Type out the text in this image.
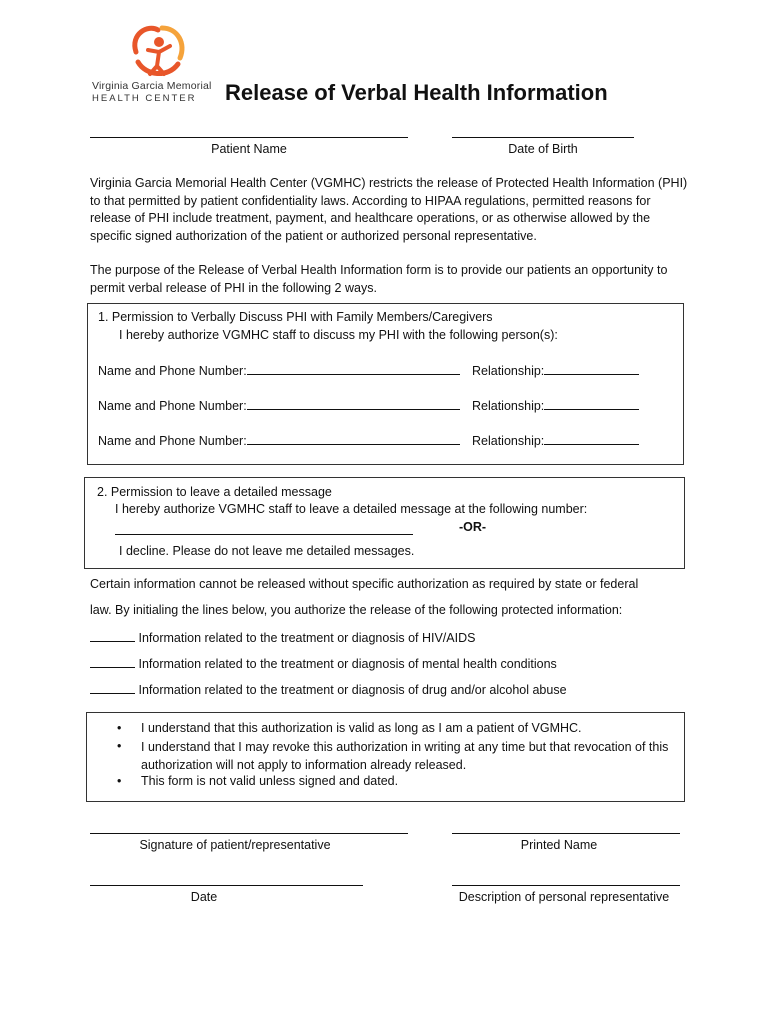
Virginia Garcia Memorial
HEALTH CENTER Release of Verbal Health Information
Patient Name	Date of Birth
Virginia Garcia Memorial Health Center (VGMHC) restricts the release of Protected Health Information (PHI) to that permitted by patient confidentiality laws. According to HIPAA regulations, permitted reasons for release of PHI include treatment, payment, and healthcare operations, or as otherwise allowed by the specific signed authorization of the patient or authorized personal representative.
The purpose of the Release of Verbal Health Information form is to provide our patients an opportunity to permit verbal release of PHI in the following 2 ways.
1. Permission to Verbally Discuss PHI with Family Members/Caregivers
I hereby authorize VGMHC staff to discuss my PHI with the following person(s):
Name and Phone Number:	Relationship:
Name and Phone Number:	Relationship:
Name and Phone Number:	Relationship:
2. Permission to leave a detailed message
I hereby authorize VGMHC staff to leave a detailed message at the following number:
-OR-
I decline. Please do not leave me detailed messages.
Certain information cannot be released without specific authorization as required by state or federal
law. By initialing the lines below, you authorize the release of the following protected information:
Information related to the treatment or diagnosis of HIV/AIDS
Information related to the treatment or diagnosis of mental health conditions
Information related to the treatment or diagnosis of drug and/or alcohol abuse
• I understand that this authorization is valid as long as I am a patient of VGMHC.
• I understand that I may revoke this authorization in writing at any time but that revocation of this authorization will not apply to information already released.
• This form is not valid unless signed and dated.
Signature of patient/representative	Printed Name
Date	Description of personal representative
